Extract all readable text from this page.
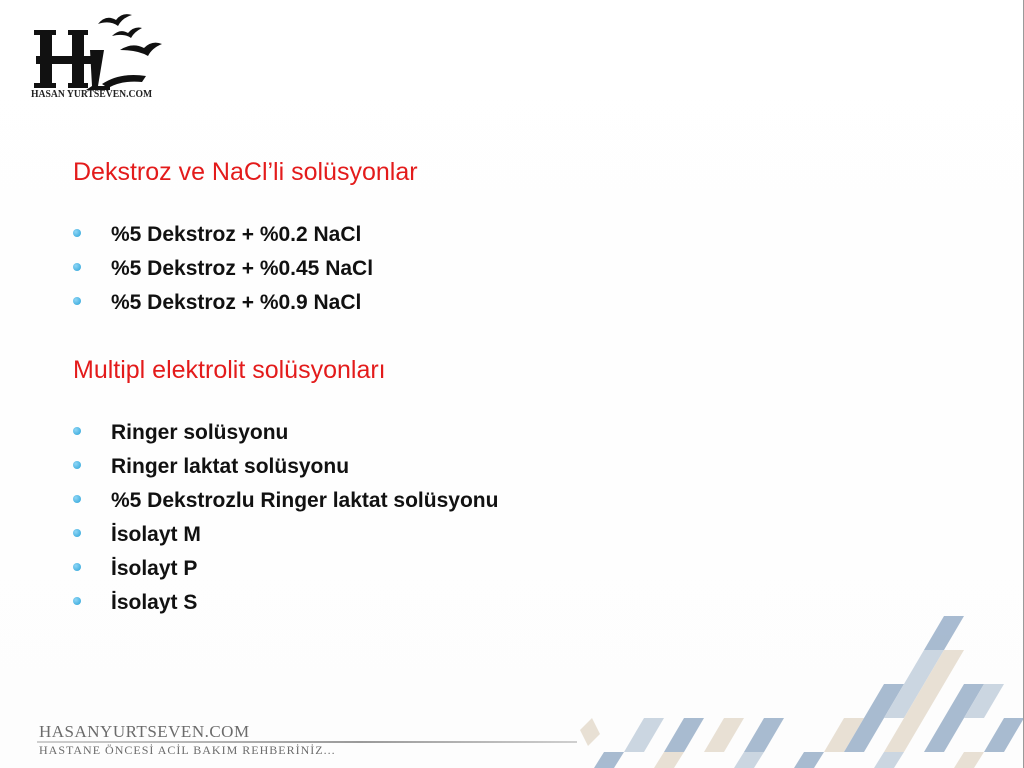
HASAN YURTSEVEN.COM
Dekstroz ve NaCl’li solüsyonlar
%5 Dekstroz + %0.2 NaCl
%5 Dekstroz + %0.45 NaCl
%5 Dekstroz + %0.9 NaCl
Multipl elektrolit solüsyonları
Ringer solüsyonu
Ringer laktat solüsyonu
%5 Dekstrozlu Ringer laktat solüsyonu
İsolayt M
İsolayt P
İsolayt S
HASANYURTSEVEN.COM
HASTANE ÖNCESİ ACİL BAKIM REHBERİNİZ...
